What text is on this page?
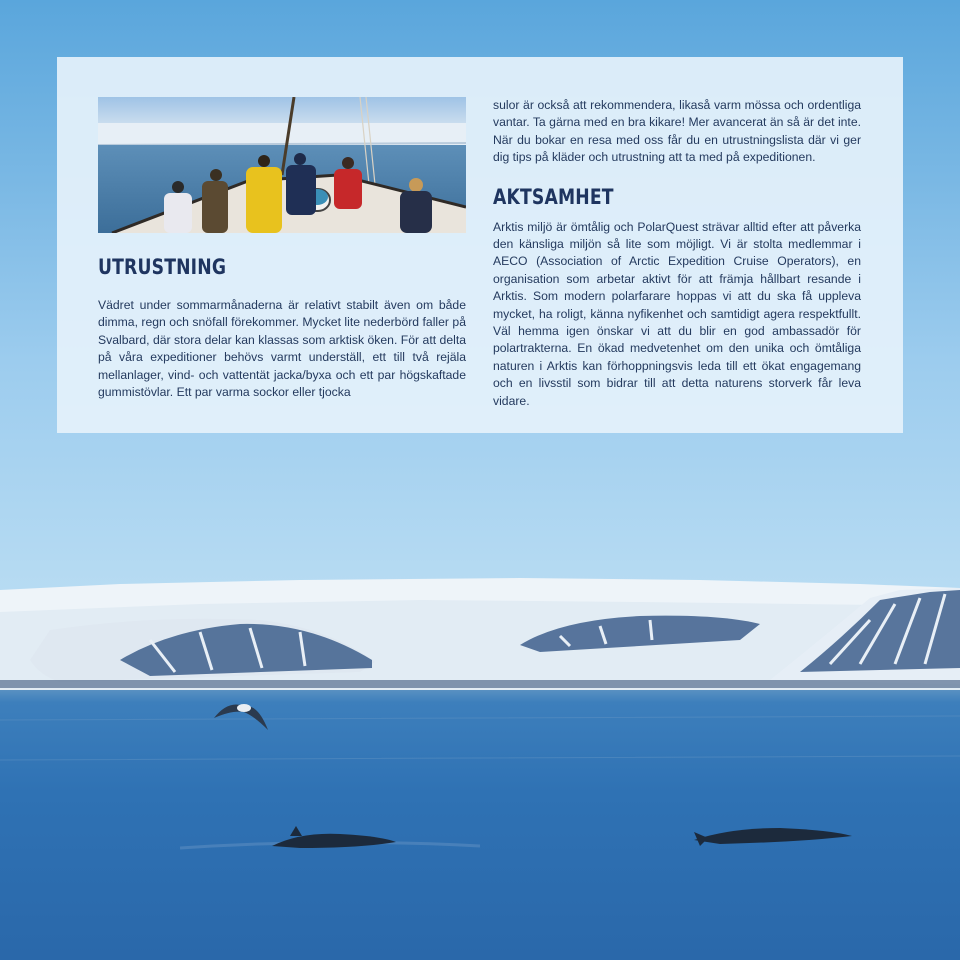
UTRUSTNING

Vädret under sommarmånaderna är relativt stabilt även om både dimma, regn och snöfall förekommer. Mycket lite nederbörd faller på Svalbard, där stora delar kan klassas som arktisk öken. För att delta på våra expeditioner behövs varmt underställ, ett till två rejäla mellanlager, vind- och vattentät jacka/byxa och ett par högskaftade gummistövlar. Ett par varma sockor eller tjocka

sulor är också att rekommendera, likaså varm mössa och ordentliga vantar. Ta gärna med en bra kikare! Mer avancerat än så är det inte. När du bokar en resa med oss får du en utrustningslista där vi ger dig tips på kläder och utrustning att ta med på expeditionen.

AKTSAMHET

Arktis miljö är ömtålig och PolarQuest strävar alltid efter att påverka den känsliga miljön så lite som möjligt. Vi är stolta medlemmar i AECO (Association of Arctic Expedition Cruise Operators), en organisation som arbetar aktivt för att främja hållbart resande i Arktis. Som modern polarfarare hoppas vi att du ska få uppleva mycket, ha roligt, känna nyfikenhet och samtidigt agera respektfullt. Väl hemma igen önskar vi att du blir en god ambassadör för polartrakterna. En ökad medvetenhet om den unika och ömtåliga naturen i Arktis kan förhoppningsvis leda till ett ökat engagemang och en livsstil som bidrar till att detta naturens storverk får leva vidare.
